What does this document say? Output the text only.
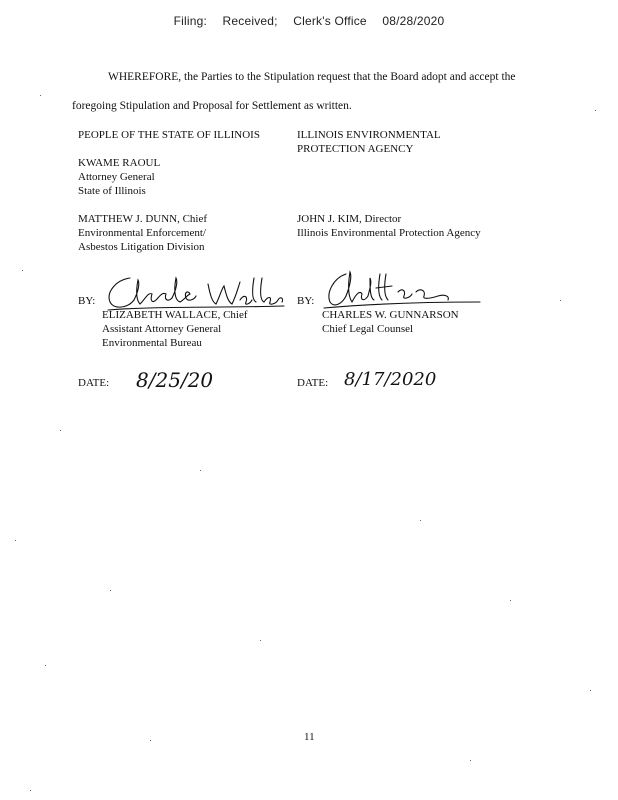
Filing: Received; Clerk's Office 08/28/2020
WHEREFORE, the Parties to the Stipulation request that the Board adopt and accept the
foregoing Stipulation and Proposal for Settlement as written.
PEOPLE OF THE STATE OF ILLINOIS
KWAME RAOUL
Attorney General
State of Illinois
MATTHEW J. DUNN, Chief
Environmental Enforcement/
Asbestos Litigation Division
BY:
ELIZABETH WALLACE, Chief
Assistant Attorney General
Environmental Bureau
DATE: 8/25/20
ILLINOIS ENVIRONMENTAL
PROTECTION AGENCY
JOHN J. KIM, Director
Illinois Environmental Protection Agency
BY:
CHARLES W. GUNNARSON
Chief Legal Counsel
DATE: 8/17/2020
11
